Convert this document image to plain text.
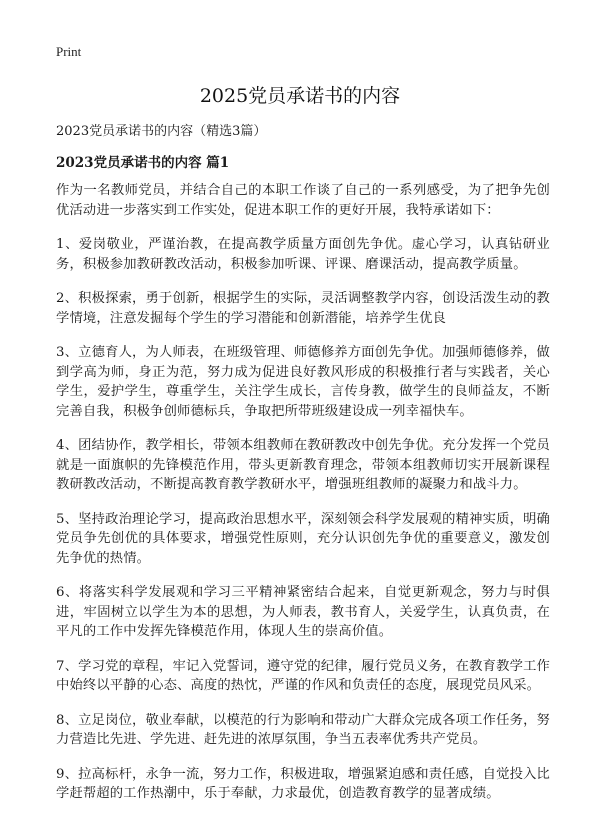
Print
2025党员承诺书的内容

2023党员承诺书的内容（精选3篇）

2023党员承诺书的内容 篇1

作为一名教师党员，并结合自己的本职工作谈了自己的一系列感受，为了把争先创优活动进一步落实到工作实处，促进本职工作的更好开展，我特承诺如下：

1、爱岗敬业，严谨治教，在提高教学质量方面创先争优。虚心学习，认真钻研业务，积极参加教研教改活动，积极参加听课、评课、磨课活动，提高教学质量。

2、积极探索，勇于创新，根据学生的实际，灵活调整教学内容，创设活泼生动的教学情境，注意发掘每个学生的学习潜能和创新潜能，培养学生优良

3、立德育人，为人师表，在班级管理、师德修养方面创先争优。加强师德修养，做到学高为师，身正为范，努力成为促进良好教风形成的积极推行者与实践者，关心学生，爱护学生，尊重学生，关注学生成长，言传身教，做学生的良师益友，不断完善自我，积极争创师德标兵，争取把所带班级建设成一列幸福快车。

4、团结协作，教学相长，带领本组教师在教研教改中创先争优。充分发挥一个党员就是一面旗帜的先锋模范作用，带头更新教育理念，带领本组教师切实开展新课程教研教改活动，不断提高教育教学教研水平，增强班组教师的凝聚力和战斗力。

5、坚持政治理论学习，提高政治思想水平，深刻领会科学发展观的精神实质，明确党员争先创优的具体要求，增强党性原则，充分认识创先争优的重要意义，激发创先争优的热情。

6、将落实科学发展观和学习三平精神紧密结合起来，自觉更新观念，努力与时俱进，牢固树立以学生为本的思想，为人师表，教书育人，关爱学生，认真负责，在平凡的工作中发挥先锋模范作用，体现人生的崇高价值。

7、学习党的章程，牢记入党誓词，遵守党的纪律，履行党员义务，在教育教学工作中始终以平静的心态、高度的热忱，严谨的作风和负责任的态度，展现党员风采。

8、立足岗位，敬业奉献，以模范的行为影响和带动广大群众完成各项工作任务，努力营造比先进、学先进、赶先进的浓厚氛围，争当五表率优秀共产党员。

9、拉高标杆，永争一流，努力工作，积极进取，增强紧迫感和责任感，自觉投入比学赶帮超的工作热潮中，乐于奉献，力求最优，创造教育教学的显著成绩。
